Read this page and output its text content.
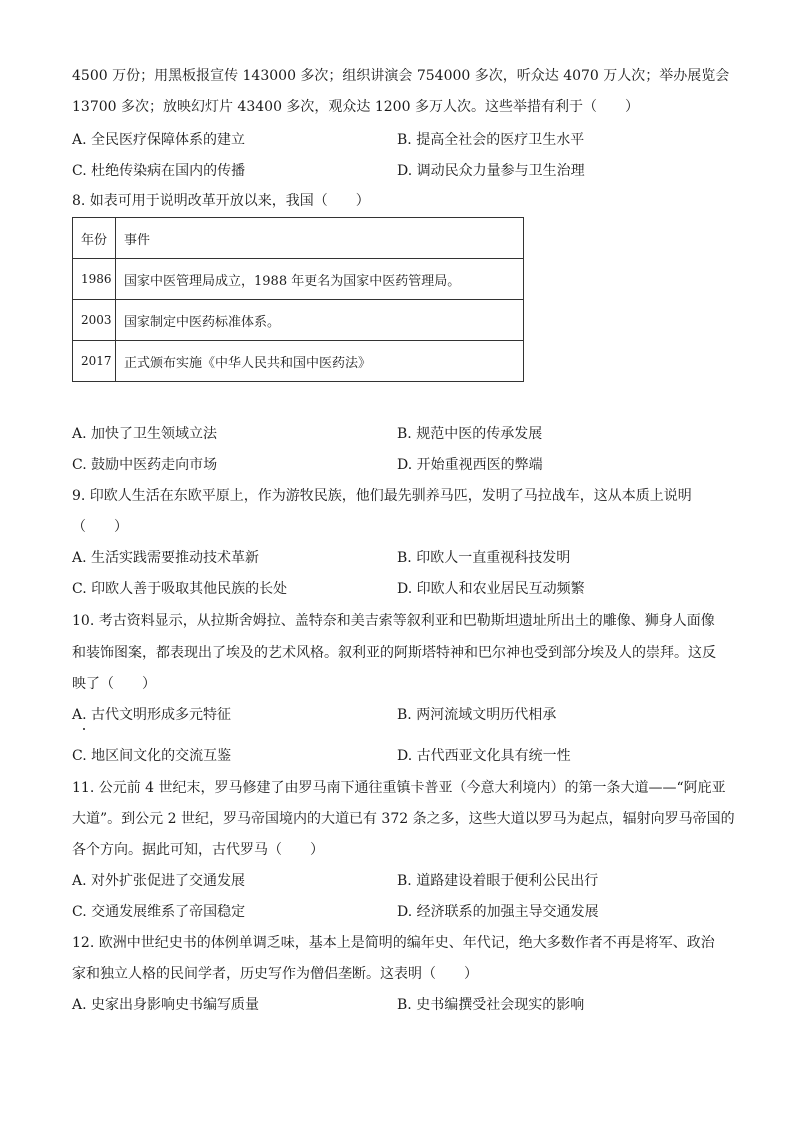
4500 万份；用黑板报宣传 143000 多次；组织讲演会 754000 多次，听众达 4070 万人次；举办展览会
13700 多次；放映幻灯片 43400 多次，观众达 1200 多万人次。这些举措有利于（　　）
A. 全民医疗保障体系的建立	B. 提高全社会的医疗卫生水平
C. 杜绝传染病在国内的传播	D. 调动民众力量参与卫生治理
8. 如表可用于说明改革开放以来，我国（　　）
年份	事件
1986	国家中医管理局成立，1988 年更名为国家中医药管理局。
2003	国家制定中医药标准体系。
2017	正式颁布实施《中华人民共和国中医药法》
A. 加快了卫生领域立法	B. 规范中医的传承发展
C. 鼓励中医药走向市场	D. 开始重视西医的弊端
9. 印欧人生活在东欧平原上，作为游牧民族，他们最先驯养马匹，发明了马拉战车，这从本质上说明
（　　）
A. 生活实践需要推动技术革新	B. 印欧人一直重视科技发明
C. 印欧人善于吸取其他民族的长处	D. 印欧人和农业居民互动频繁
10. 考古资料显示，从拉斯舍姆拉、盖特奈和美吉索等叙利亚和巴勒斯坦遗址所出土的雕像、狮身人面像
和装饰图案，都表现出了埃及的艺术风格。叙利亚的阿斯塔特神和巴尔神也受到部分埃及人的崇拜。这反
映了（　　）
A. 古代文明形成多元特征	B. 两河流域文明历代相承
C. 地区间文化的交流互鉴	D. 古代西亚文化具有统一性
11. 公元前 4 世纪末，罗马修建了由罗马南下通往重镇卡普亚（今意大利境内）的第一条大道——“阿庇亚
大道”。到公元 2 世纪，罗马帝国境内的大道已有 372 条之多，这些大道以罗马为起点，辐射向罗马帝国的
各个方向。据此可知，古代罗马（　　）
A. 对外扩张促进了交通发展	B. 道路建设着眼于便利公民出行
C. 交通发展维系了帝国稳定	D. 经济联系的加强主导交通发展
12. 欧洲中世纪史书的体例单调乏味，基本上是简明的编年史、年代记，绝大多数作者不再是将军、政治
家和独立人格的民间学者，历史写作为僧侣垄断。这表明（　　）
A. 史家出身影响史书编写质量	B. 史书编撰受社会现实的影响
